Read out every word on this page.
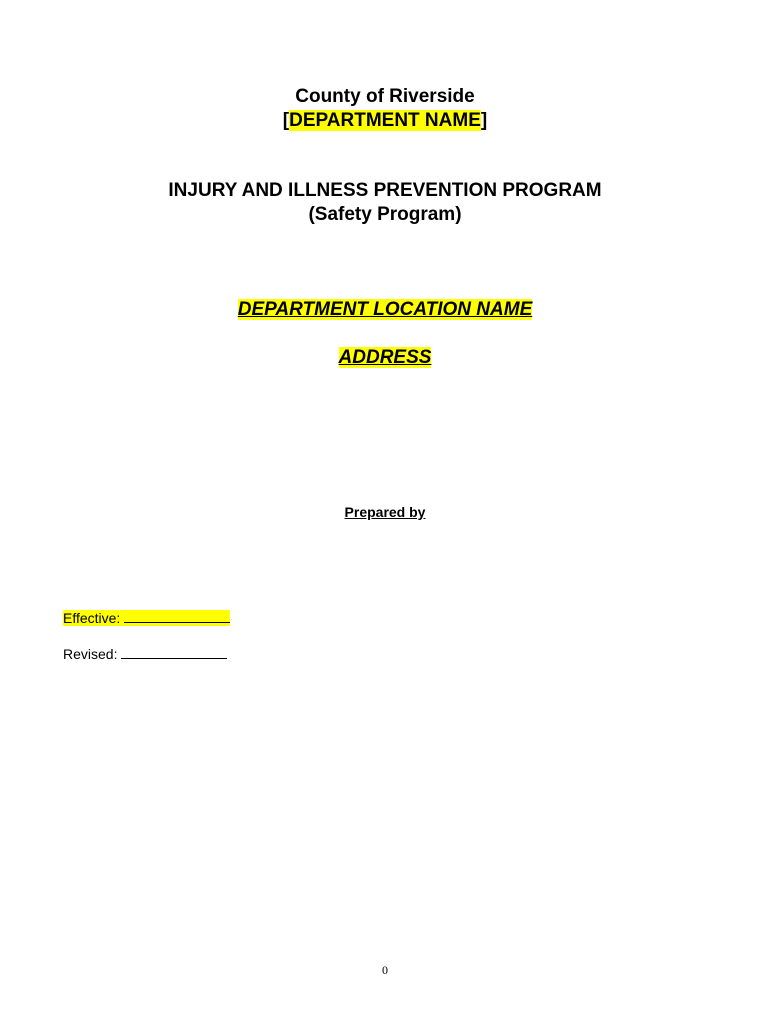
County of Riverside
[DEPARTMENT NAME]
INJURY AND ILLNESS PREVENTION PROGRAM
(Safety Program)
DEPARTMENT LOCATION NAME
ADDRESS
Prepared by
Effective:
Revised:
0
